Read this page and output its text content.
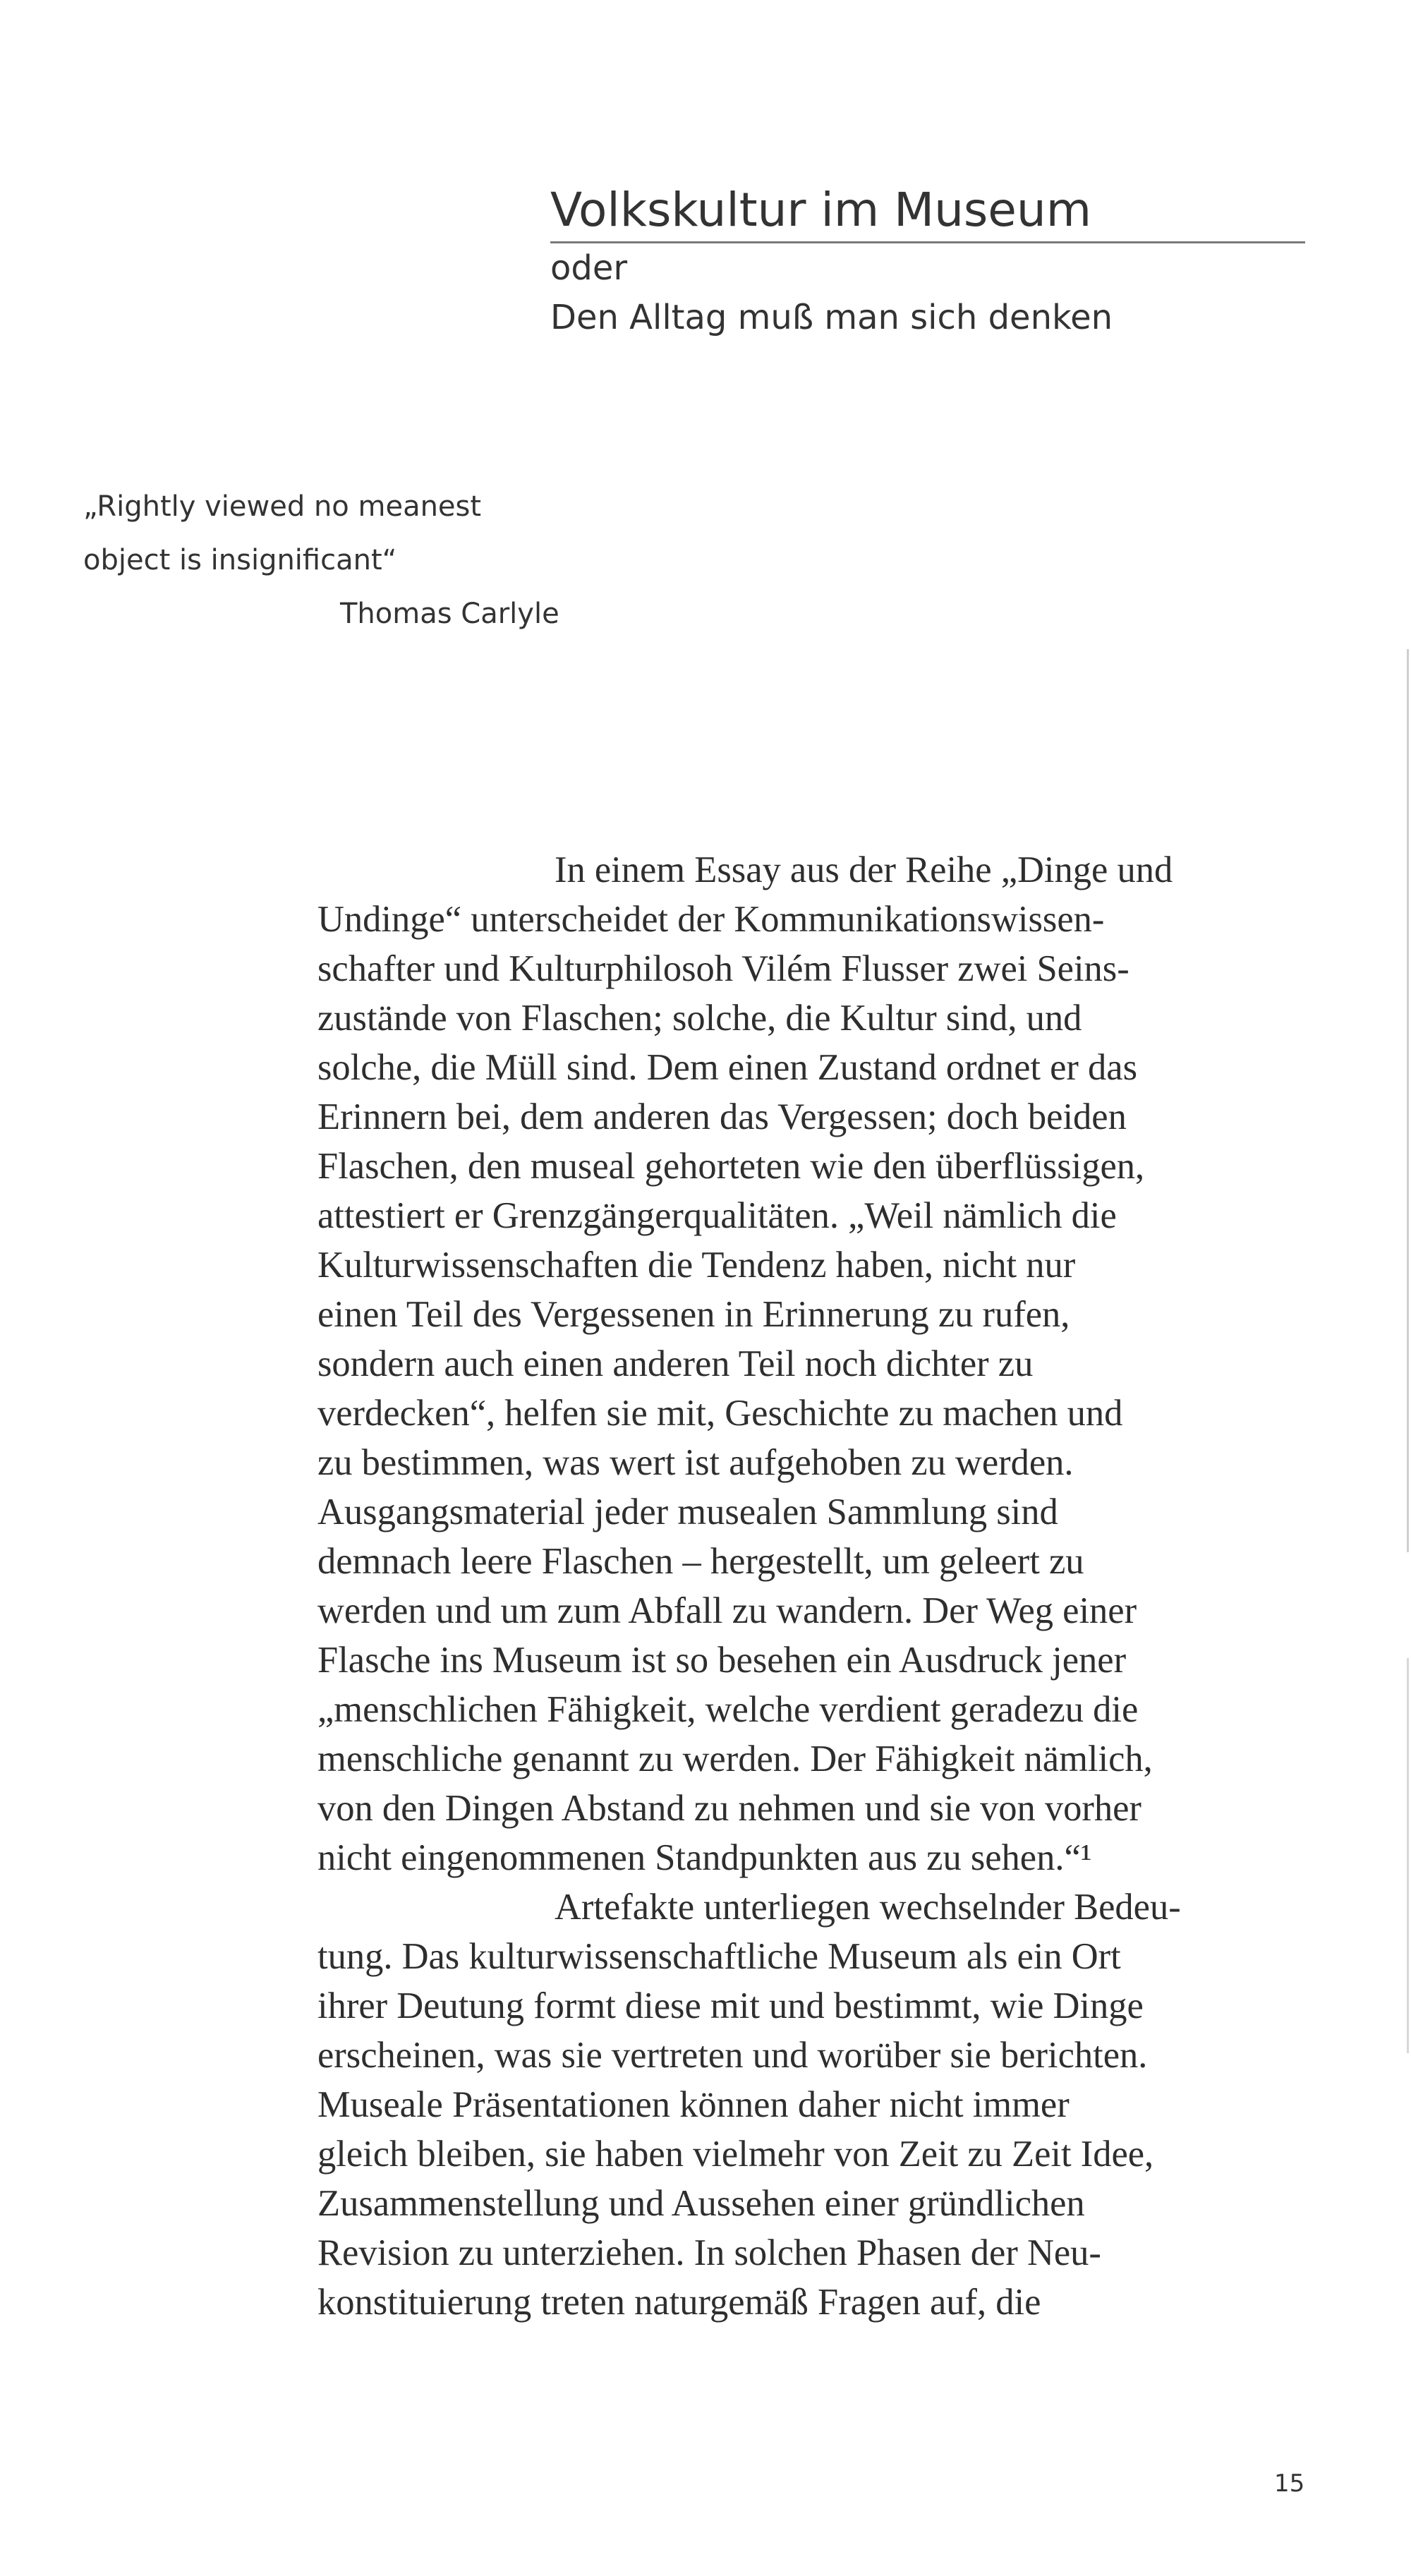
Volkskultur im Museum

oder

Den Alltag muß man sich denken

„Rightly viewed no meanest
object is insignificant“
Thomas Carlyle
In einem Essay aus der Reihe „Dinge und
Undinge“ unterscheidet der Kommunikationswissen-
schafter und Kulturphilosoh Vilém Flusser zwei Seins-
zustände von Flaschen; solche, die Kultur sind, und
solche, die Müll sind. Dem einen Zustand ordnet er das
Erinnern bei, dem anderen das Vergessen; doch beiden
Flaschen, den museal gehorteten wie den überflüssigen,
attestiert er Grenzgängerqualitäten. „Weil nämlich die
Kulturwissenschaften die Tendenz haben, nicht nur
einen Teil des Vergessenen in Erinnerung zu rufen,
sondern auch einen anderen Teil noch dichter zu
verdecken“, helfen sie mit, Geschichte zu machen und
zu bestimmen, was wert ist aufgehoben zu werden.
Ausgangsmaterial jeder musealen Sammlung sind
demnach leere Flaschen – hergestellt, um geleert zu
werden und um zum Abfall zu wandern. Der Weg einer
Flasche ins Museum ist so besehen ein Ausdruck jener
„menschlichen Fähigkeit, welche verdient geradezu die
menschliche genannt zu werden. Der Fähigkeit nämlich,
von den Dingen Abstand zu nehmen und sie von vorher
nicht eingenommenen Standpunkten aus zu sehen.“¹
Artefakte unterliegen wechselnder Bedeu-
tung. Das kulturwissenschaftliche Museum als ein Ort
ihrer Deutung formt diese mit und bestimmt, wie Dinge
erscheinen, was sie vertreten und worüber sie berichten.
Museale Präsentationen können daher nicht immer
gleich bleiben, sie haben vielmehr von Zeit zu Zeit Idee,
Zusammenstellung und Aussehen einer gründlichen
Revision zu unterziehen. In solchen Phasen der Neu-
konstituierung treten naturgemäß Fragen auf, die
15
